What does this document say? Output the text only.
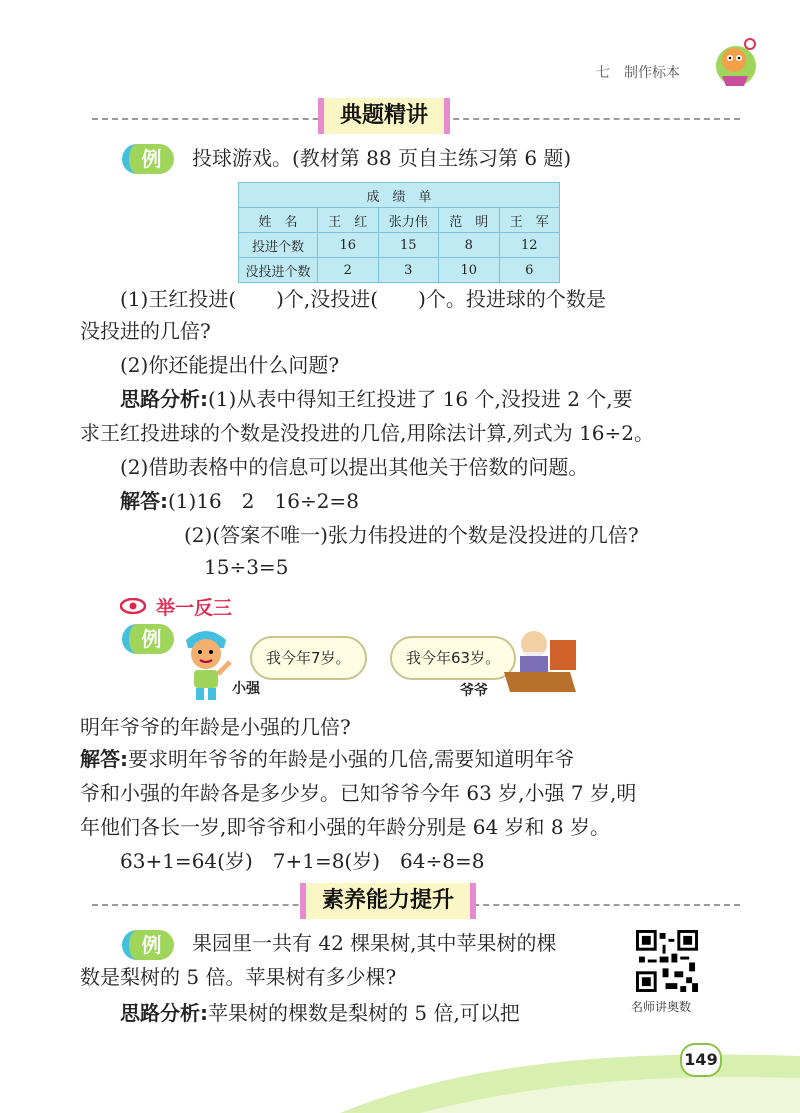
七　制作标本
典题精讲
例	投球游戏。(教材第 88 页自主练习第 6 题)
成　绩　单				
姓　名	王　红	张力伟	范　明	王　军
投进个数	16	15	8	12
没投进个数	2	3	10	6
(1)王红投进(　　)个,没投进(　　)个。投进球的个数是
没投进的几倍?
(2)你还能提出什么问题?
思路分析:(1)从表中得知王红投进了 16 个,没投进 2 个,要
求王红投进球的个数是没投进的几倍,用除法计算,列式为 16÷2。
(2)借助表格中的信息可以提出其他关于倍数的问题。
解答:(1)16　2　16÷2=8
(2)(答案不唯一)张力伟投进的个数是没投进的几倍?
15÷3=5
举一反三
例
我今年7岁。	我今年63岁。
小强	爷爷
明年爷爷的年龄是小强的几倍?
解答:要求明年爷爷的年龄是小强的几倍,需要知道明年爷
爷和小强的年龄各是多少岁。已知爷爷今年 63 岁,小强 7 岁,明
年他们各长一岁,即爷爷和小强的年龄分别是 64 岁和 8 岁。
63+1=64(岁)　7+1=8(岁)　64÷8=8
素养能力提升
例	果园里一共有 42 棵果树,其中苹果树的棵
数是梨树的 5 倍。苹果树有多少棵?
思路分析:苹果树的棵数是梨树的 5 倍,可以把	名师讲奥数
149
